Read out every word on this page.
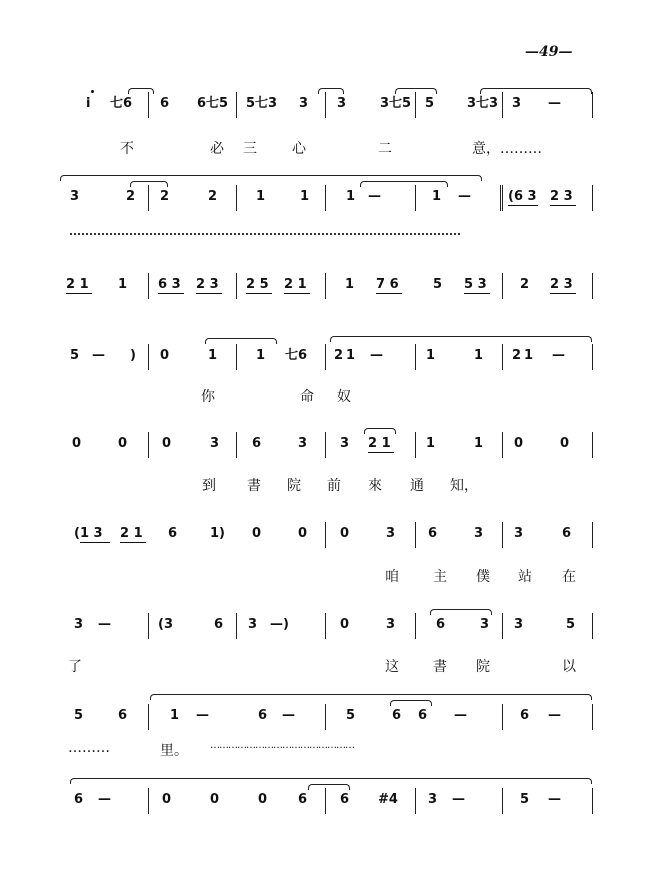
—49—
i 七6 6 6七5 5七3 3 3	3七5 5	3七3 3 —
不	必 三	心	二	意，………
3	2 2	2	1	1	1 —	1 —	(6 3 2 3
2 1 1 6 3 2 3 2 5 2 1	1 7 6	5 5 3	2 2 3
5 — ) 0	1	1 七6 2 1 —	1	1 2 1 —
你	命 奴
0	0	0	3	6	3	3 2 1	1	1 0	0
到 書 院 前 來 通 知，
(1 3 2 1 6	1) 0	0	0	3	6	3 3	6
咱 主 僕 站 在
3 —	(3	6 3 —)	0	3	6	3 3	5
了	这 書 院	以
5	6	1 —	6 —	5	6 6 —	6 —
………	里。 …………………………………………
6 —	0	0	0 6	6 #4 3 —	5 —
